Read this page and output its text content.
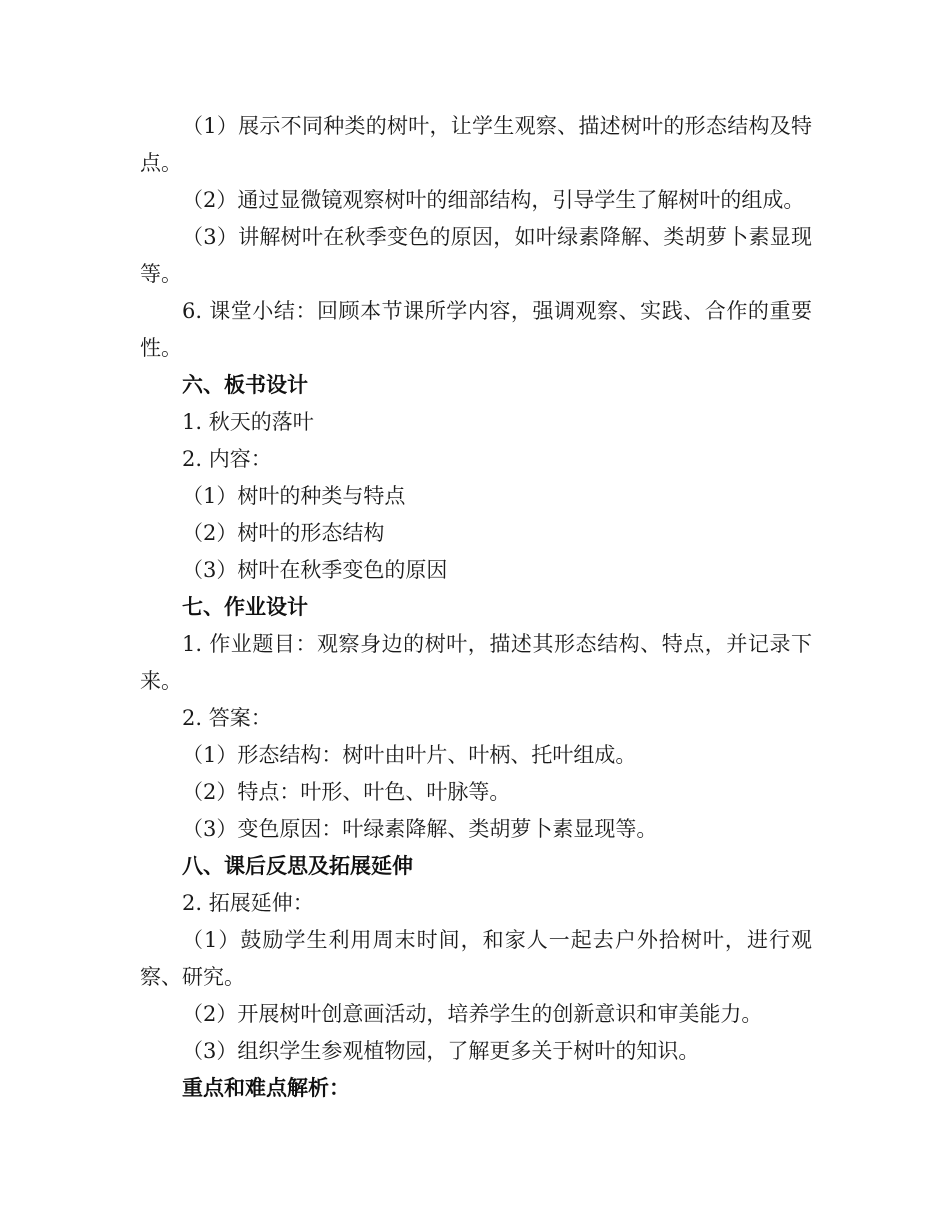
（1）展示不同种类的树叶，让学生观察、描述树叶的形态结构及特点。

（2）通过显微镜观察树叶的细部结构，引导学生了解树叶的组成。

（3）讲解树叶在秋季变色的原因，如叶绿素降解、类胡萝卜素显现等。

6. 课堂小结：回顾本节课所学内容，强调观察、实践、合作的重要性。

六、板书设计

1. 秋天的落叶

2. 内容：

（1）树叶的种类与特点

（2）树叶的形态结构

（3）树叶在秋季变色的原因

七、作业设计

1. 作业题目：观察身边的树叶，描述其形态结构、特点，并记录下来。

2. 答案：

（1）形态结构：树叶由叶片、叶柄、托叶组成。

（2）特点：叶形、叶色、叶脉等。

（3）变色原因：叶绿素降解、类胡萝卜素显现等。

八、课后反思及拓展延伸

2. 拓展延伸：

（1）鼓励学生利用周末时间，和家人一起去户外拾树叶，进行观察、研究。

（2）开展树叶创意画活动，培养学生的创新意识和审美能力。

（3）组织学生参观植物园，了解更多关于树叶的知识。

重点和难点解析：
